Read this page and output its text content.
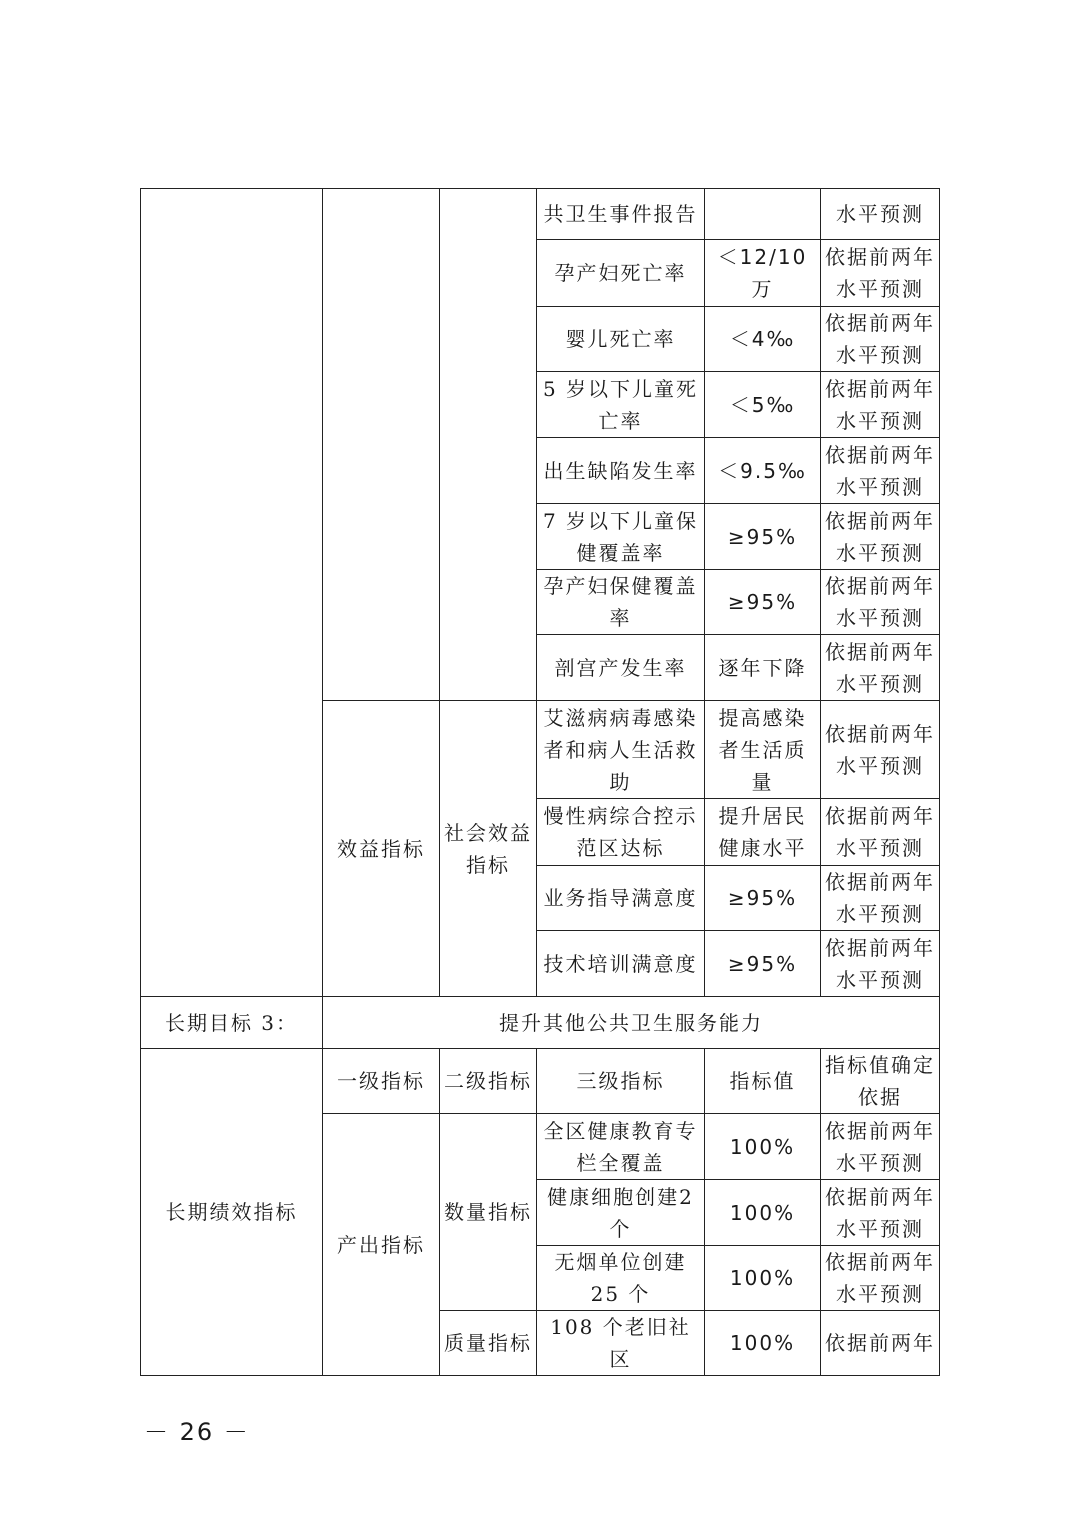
			共卫生事件报告		水平预测
			孕产妇死亡率	＜12/10 万	依据前两年水平预测
			婴儿死亡率	＜4‰	依据前两年水平预测
			5 岁以下儿童死亡率	＜5‰	依据前两年水平预测
			出生缺陷发生率	＜9.5‰	依据前两年水平预测
			7 岁以下儿童保健覆盖率	≥95%	依据前两年水平预测
			孕产妇保健覆盖率	≥95%	依据前两年水平预测
			剖宫产发生率	逐年下降	依据前两年水平预测
	效益指标	社会效益指标	艾滋病病毒感染者和病人生活救助	提高感染者生活质量	依据前两年水平预测
			慢性病综合控示范区达标	提升居民健康水平	依据前两年水平预测
			业务指导满意度	≥95%	依据前两年水平预测
			技术培训满意度	≥95%	依据前两年水平预测
长期目标 3：	提升其他公共卫生服务能力				
长期绩效指标	一级指标	二级指标	三级指标	指标值	指标值确定依据
	产出指标	数量指标	全区健康教育专栏全覆盖	100%	依据前两年水平预测
			健康细胞创建2 个	100%	依据前两年水平预测
			无烟单位创建25 个	100%	依据前两年水平预测
		质量指标	108 个老旧社区	100%	依据前两年
－ 26 －
